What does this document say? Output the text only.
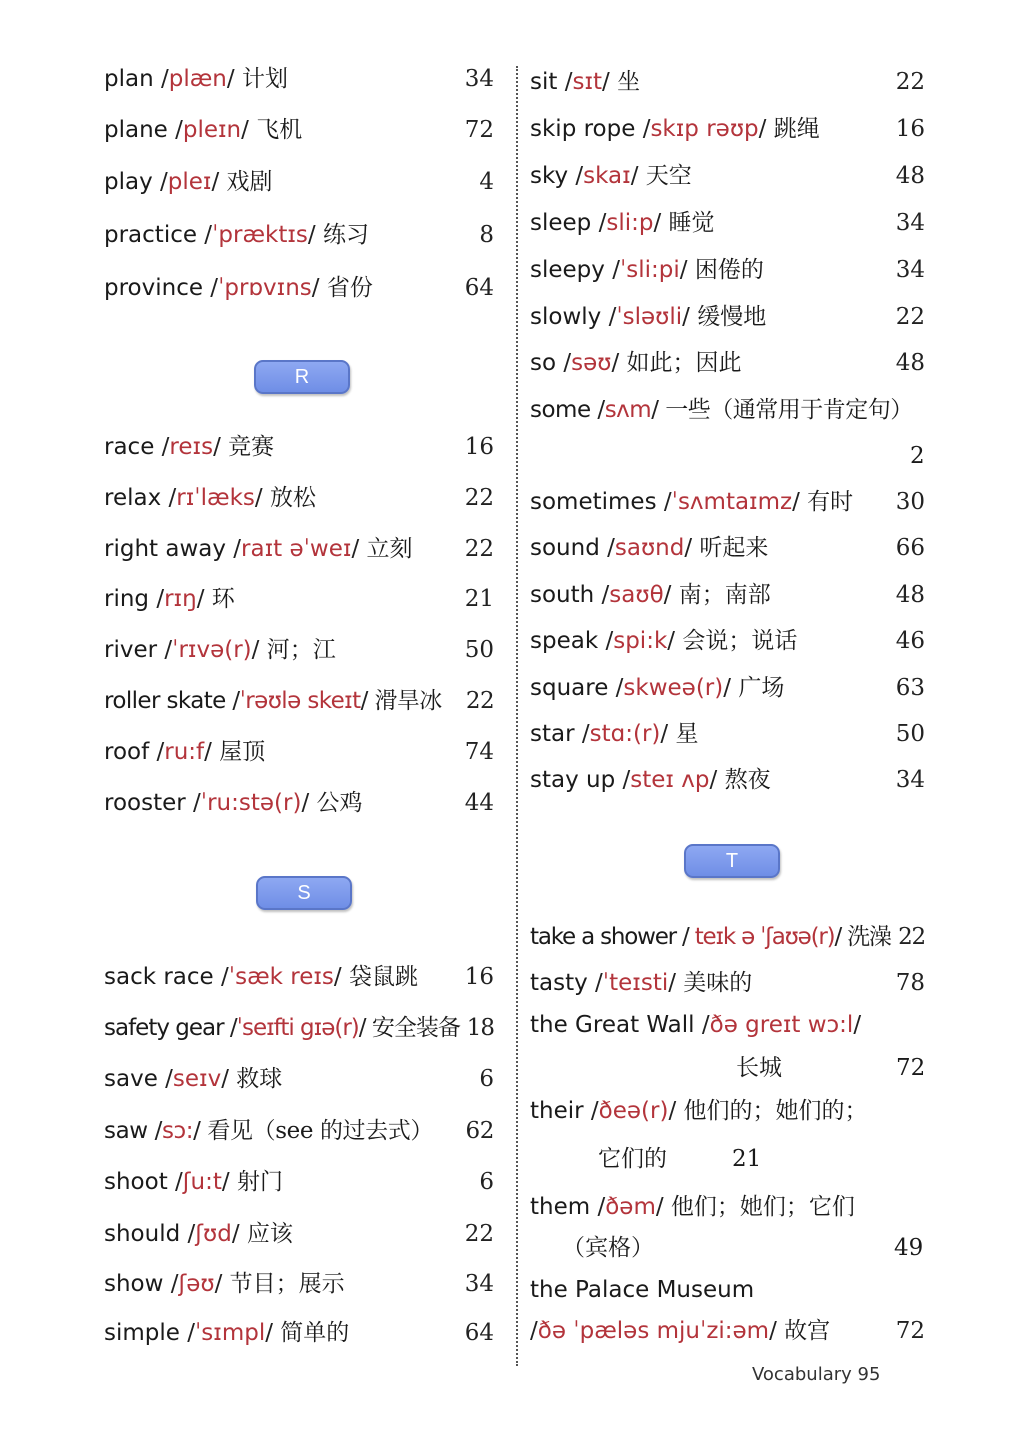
plan /plæn/ 计划	34
plane /pleɪn/ 飞机	72
play /pleɪ/ 戏剧	4
practice /ˈpræktɪs/ 练习	8
province /ˈprɒvɪns/ 省份	64
R
race /reɪs/ 竞赛	16
relax /rɪˈlæks/ 放松	22
right away /raɪt əˈweɪ/ 立刻 22
ring /rɪŋ/ 环	21
river /ˈrɪvə(r)/ 河；江	50
roller skate /ˈrəʊlə skeɪt/ 滑旱冰 22
roof /ru:f/ 屋顶	74
rooster /ˈru:stə(r)/ 公鸡	44
S
sack race /ˈsæk reɪs/ 袋鼠跳 16
safety gear /ˈseɪfti gɪə(r)/ 安全装备 18
save /seɪv/ 救球	6
saw /sɔ:/ 看见（see 的过去式） 62
shoot /ʃu:t/ 射门	6
should /ʃʊd/ 应该	22
show /ʃəʊ/ 节目；展示	34
simple /ˈsɪmpl/ 简单的	64
sit /sɪt/ 坐	22
skip rope /skɪp rəʊp/ 跳绳	16
sky /skaɪ/ 天空	48
sleep /sli:p/ 睡觉	34
sleepy /ˈsli:pi/ 困倦的	34
slowly /ˈsləʊli/ 缓慢地	22
so /səʊ/ 如此；因此	48
some /sʌm/ 一些（通常用于肯定句）
2
sometimes /ˈsʌmtaɪmz/ 有时 30
sound /saʊnd/ 听起来	66
south /saʊθ/ 南；南部	48
speak /spi:k/ 会说；说话	46
square /skweə(r)/ 广场	63
star /stɑ:(r)/ 星	50
stay up /steɪ ʌp/ 熬夜	34
T
take a shower / teɪk ə ˈʃaʊə(r)/ 洗澡 22
tasty /ˈteɪsti/ 美味的	78
the Great Wall /ðə greɪt wɔ:l/
长城	72
their /ðeə(r)/ 他们的；她们的；
它们的	21
them /ðəm/ 他们；她们；它们
（宾格）	49
the Palace Museum
/ðə ˈpæləs mjuˈzi:əm/ 故宫	72
Vocabulary 95
